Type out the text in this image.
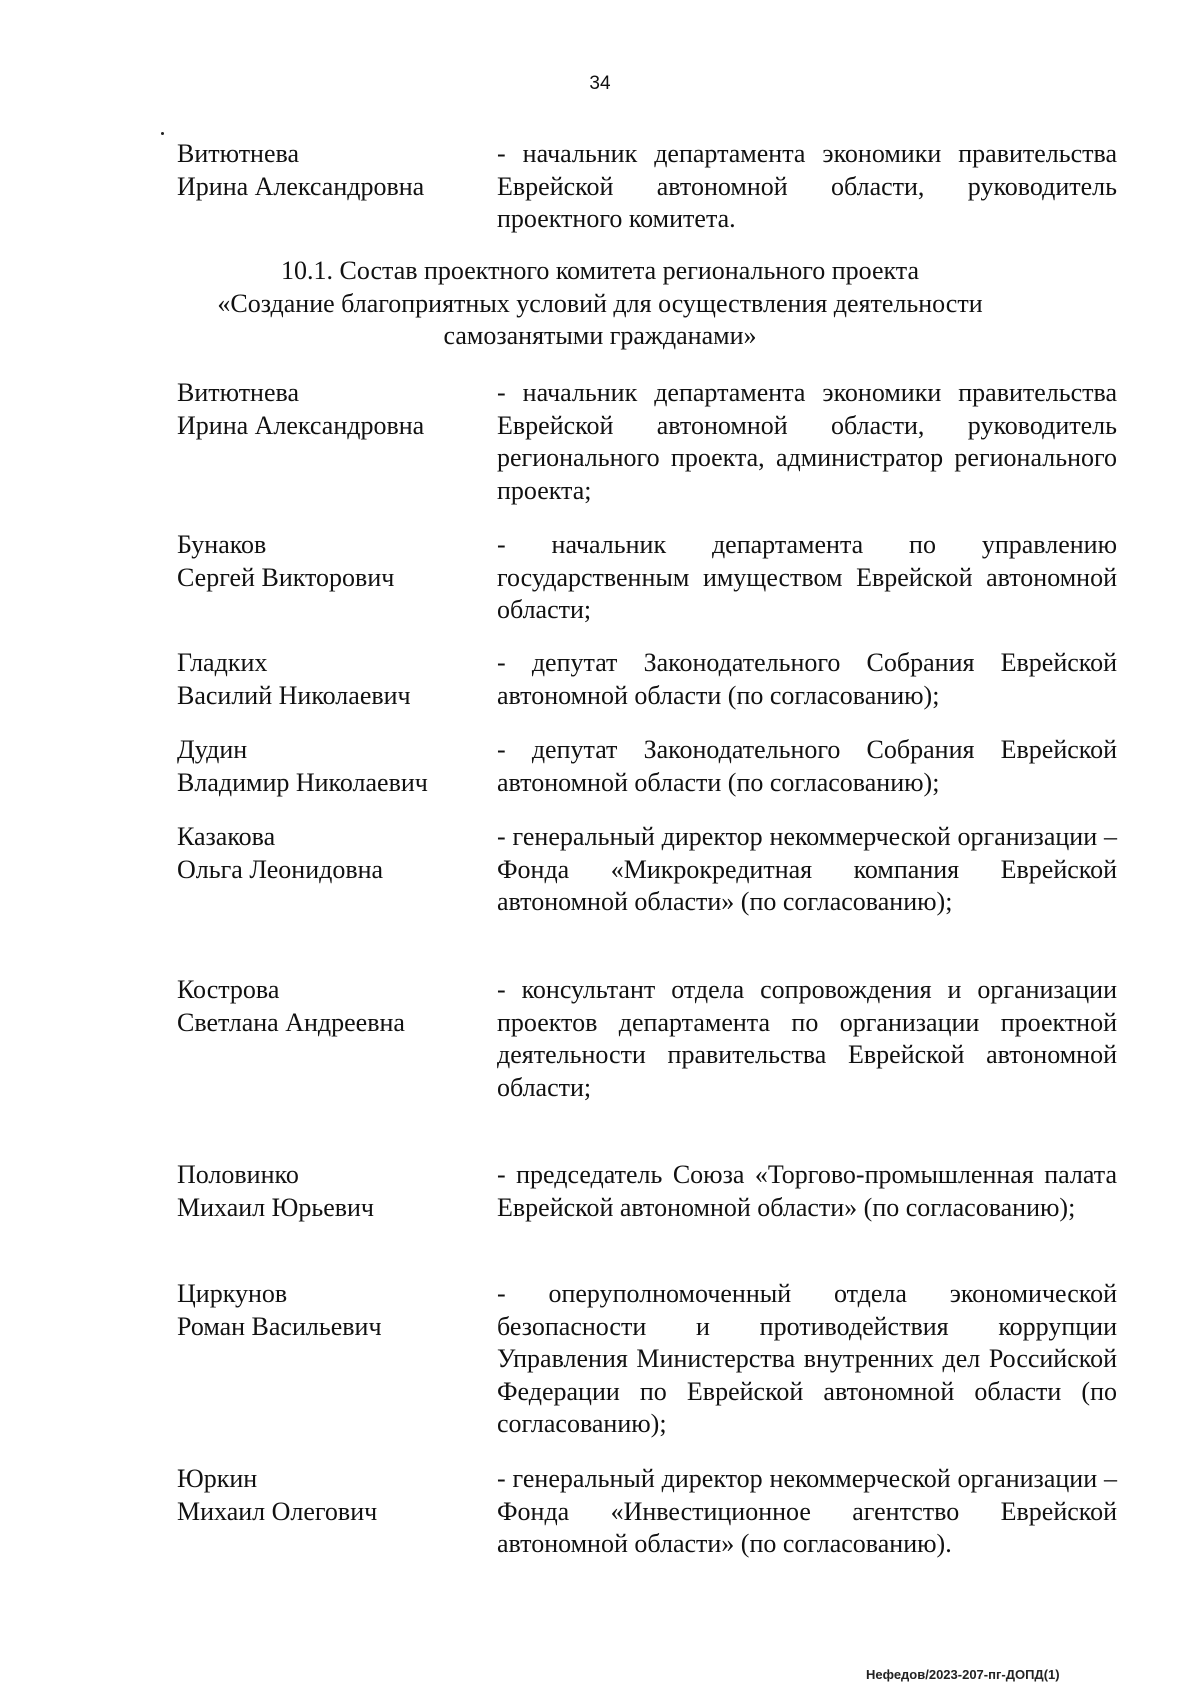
34
Витютнева
Ирина Александровна
- начальник департамента экономики правительства Еврейской автономной области, руководитель проектного комитета.
10.1. Состав проектного комитета регионального проекта
«Создание благоприятных условий для осуществления деятельности
самозанятыми гражданами»
Витютнева
Ирина Александровна
- начальник департамента экономики правительства Еврейской автономной области, руководитель регионального проекта, администратор регионального проекта;
Бунаков
Сергей Викторович
- начальник департамента по управлению государственным имуществом Еврейской автономной области;
Гладких
Василий Николаевич
- депутат Законодательного Собрания Еврейской автономной области (по согласованию);
Дудин
Владимир Николаевич
- депутат Законодательного Собрания Еврейской автономной области (по согласованию);
Казакова
Ольга Леонидовна
- генеральный директор некоммерческой организации – Фонда «Микрокредитная компания Еврейской автономной области» (по согласованию);
Кострова
Светлана Андреевна
- консультант отдела сопровождения и организации проектов департамента по организации проектной деятельности правительства Еврейской автономной области;
Половинко
Михаил Юрьевич
- председатель Союза «Торгово-промышленная палата Еврейской автономной области» (по согласованию);
Циркунов
Роман Васильевич
- оперуполномоченный отдела экономической безопасности и противодействия коррупции Управления Министерства внутренних дел Российской Федерации по Еврейской автономной области (по согласованию);
Юркин
Михаил Олегович
- генеральный директор некоммерческой организации – Фонда «Инвестиционное агентство Еврейской автономной области» (по согласованию).
Нефедов/2023-207-пг-ДОПД(1)
